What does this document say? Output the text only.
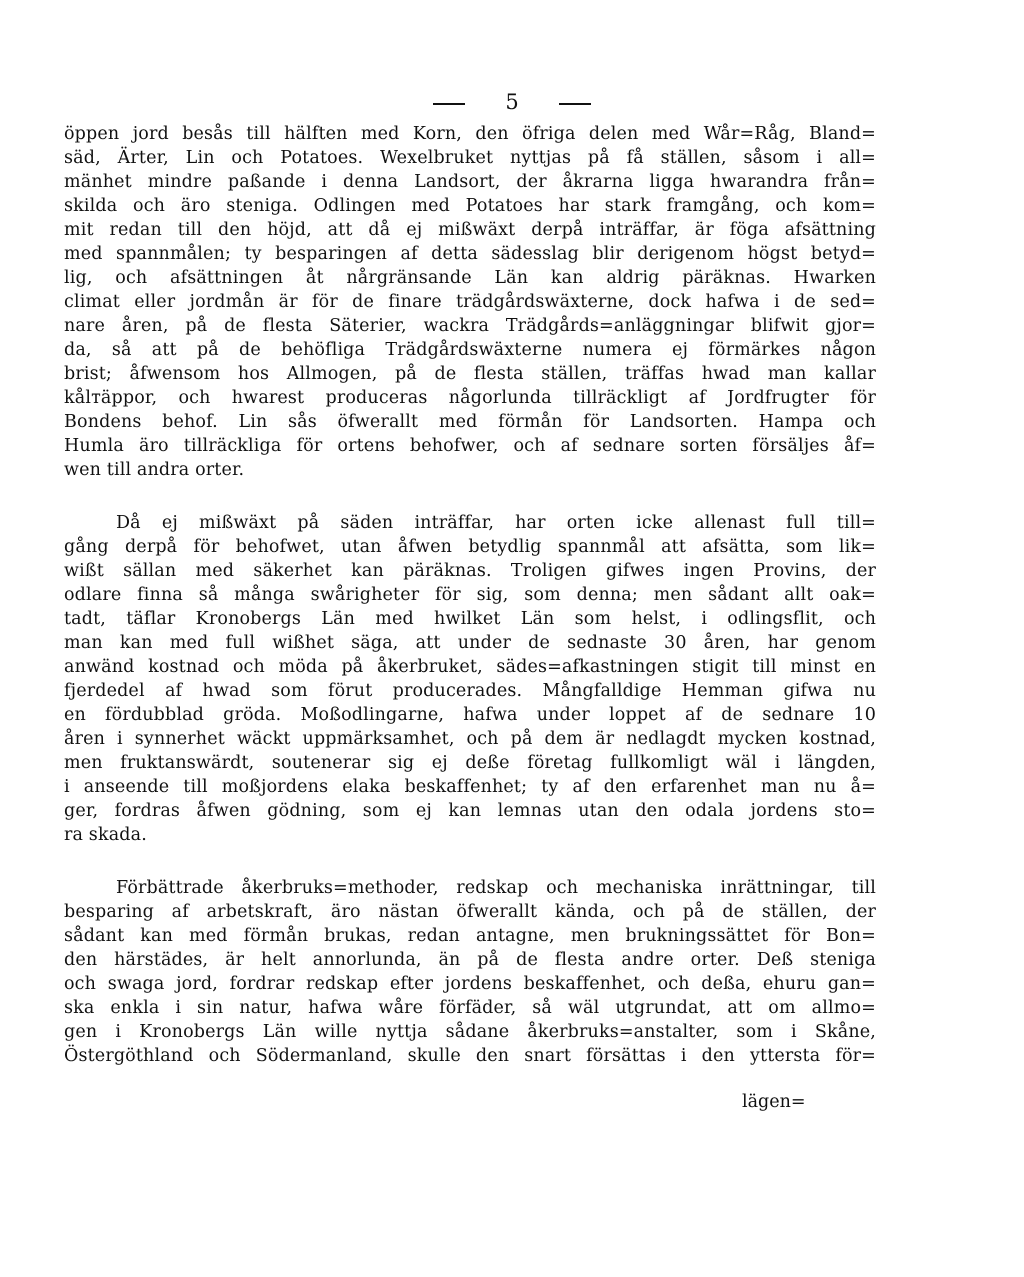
5

öppen jord besås till hälften med Korn, den öfriga delen med Wår=Råg, Bland=
säd, Ärter, Lin och Potatoes. Wexelbruket nyttjas på få ställen, såsom i all=
mänhet mindre paßande i denna Landsort, der åkrarna ligga hwarandra från=
skilda och äro steniga. Odlingen med Potatoes har stark framgång, och kom=
mit redan till den höjd, att då ej mißwäxt derpå inträffar, är föga afsättning
med spannmålen; ty besparingen af detta sädesslag blir derigenom högst betyd=
lig, och afsättningen åt nårgränsande Län kan aldrig päräknas. Hwarken
climat eller jordmån är för de finare trädgårdswäxterne, dock hafwa i de sed=
nare åren, på de flesta Säterier, wackra Trädgårds=anläggningar blifwit gjor=
da, så att på de behöfliga Trädgårdswäxterne numera ej förmärkes någon
brist; åfwensom hos Allmogen, på de flesta ställen, träffas hwad man kallar
kålтäppor, och hwarest produceras någorlunda tillräckligt af Jordfrugter för
Bondens behof. Lin sås öfwerallt med förmån för Landsorten. Hampa och
Humla äro tillräckliga för ortens behofwer, och af sednare sorten försäljes åf=
wen till andra orter.

Då ej mißwäxt på säden inträffar, har orten icke allenast full till=
gång derpå för behofwet, utan åfwen betydlig spannmål att afsätta, som lik=
wißt sällan med säkerhet kan päräknas. Troligen gifwes ingen Provins, der
odlare finna så många swårigheter för sig, som denna; men sådant allt oak=
tadt, täflar Kronobergs Län med hwilket Län som helst, i odlingsflit, och
man kan med full wißhet säga, att under de sednaste 30 åren, har genom
anwänd kostnad och möda på åkerbruket, sädes=afkastningen stigit till minst en
fjerdedel af hwad som förut producerades. Mångfalldige Hemman gifwa nu
en fördubblad gröda. Moßodlingarne, hafwa under loppet af de sednare 10
åren i synnerhet wäckt uppmärksamhet, och på dem är nedlagdt mycken kostnad,
men fruktanswärdt, soutenerar sig ej deße företag fullkomligt wäl i längden,
i anseende till moßjordens elaka beskaffenhet; ty af den erfarenhet man nu å=
ger, fordras åfwen gödning, som ej kan lemnas utan den odala jordens sto=
ra skada.

Förbättrade åkerbruks=methoder, redskap och mechaniska inrättningar, till
besparing af arbetskraft, äro nästan öfwerallt kända, och på de ställen, der
sådant kan med förmån brukas, redan antagne, men brukningssättet för Bon=
den härstädes, är helt annorlunda, än på de flesta andre orter. Deß steniga
och swaga jord, fordrar redskap efter jordens beskaffenhet, och deßa, ehuru gan=
ska enkla i sin natur, hafwa wåre förfäder, så wäl utgrundat, att om allmo=
gen i Kronobergs Län wille nyttja sådane åkerbruks=anstalter, som i Skåne,
Östergöthland och Södermanland, skulle den snart försättas i den yttersta för=

lägen=
